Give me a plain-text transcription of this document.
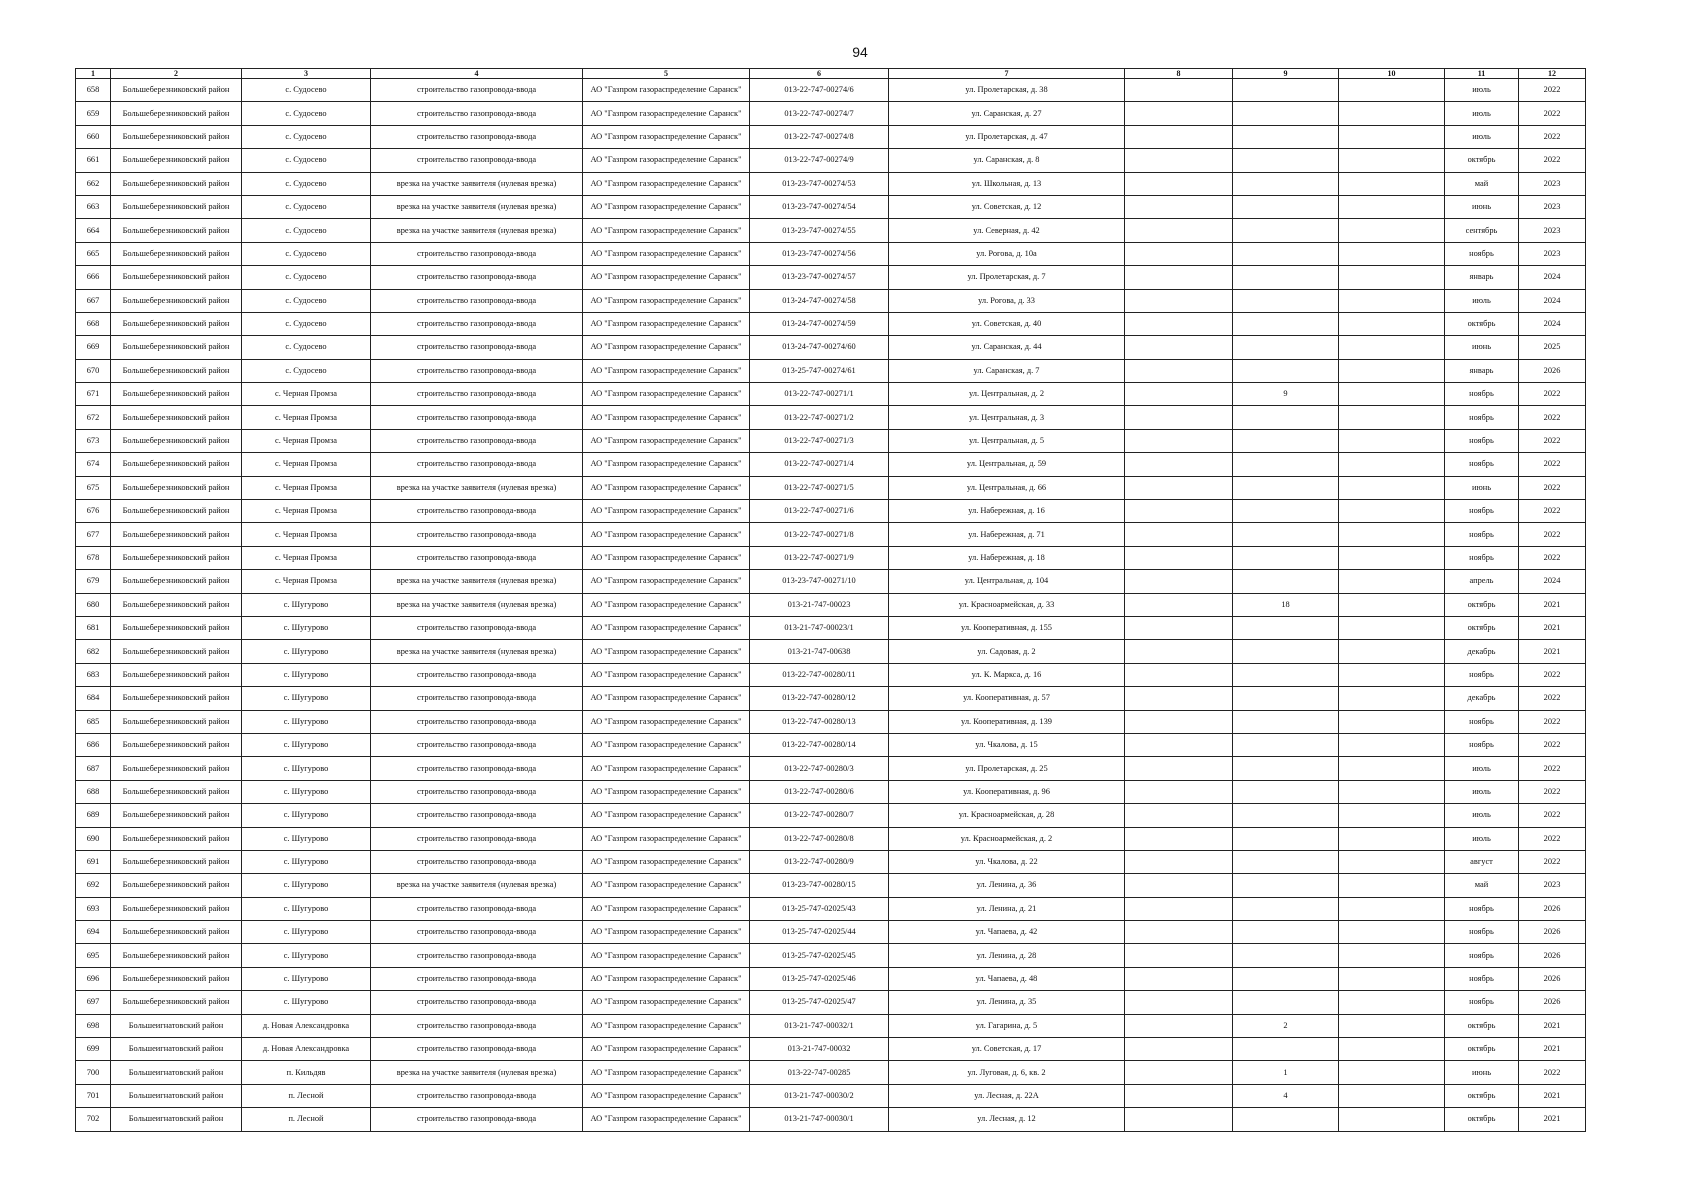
94
1	2	3	4	5	6	7	8	9	10	11	12
658	Большеберезниковский район	с. Судосево	строительство газопровода-ввода	АО "Газпром газораспределение Саранск"	013-22-747-00274/6	ул. Пролетарская, д. 38				июль	2022
659	Большеберезниковский район	с. Судосево	строительство газопровода-ввода	АО "Газпром газораспределение Саранск"	013-22-747-00274/7	ул. Саранская, д. 27				июль	2022
660	Большеберезниковский район	с. Судосево	строительство газопровода-ввода	АО "Газпром газораспределение Саранск"	013-22-747-00274/8	ул. Пролетарская, д. 47				июль	2022
661	Большеберезниковский район	с. Судосево	строительство газопровода-ввода	АО "Газпром газораспределение Саранск"	013-22-747-00274/9	ул. Саранская, д. 8				октябрь	2022
662	Большеберезниковский район	с. Судосево	врезка на участке заявителя (нулевая врезка)	АО "Газпром газораспределение Саранск"	013-23-747-00274/53	ул. Школьная, д. 13				май	2023
663	Большеберезниковский район	с. Судосево	врезка на участке заявителя (нулевая врезка)	АО "Газпром газораспределение Саранск"	013-23-747-00274/54	ул. Советская, д. 12				июнь	2023
664	Большеберезниковский район	с. Судосево	врезка на участке заявителя (нулевая врезка)	АО "Газпром газораспределение Саранск"	013-23-747-00274/55	ул. Северная, д. 42				сентябрь	2023
665	Большеберезниковский район	с. Судосево	строительство газопровода-ввода	АО "Газпром газораспределение Саранск"	013-23-747-00274/56	ул. Рогова, д. 10а				ноябрь	2023
666	Большеберезниковский район	с. Судосево	строительство газопровода-ввода	АО "Газпром газораспределение Саранск"	013-23-747-00274/57	ул. Пролетарская, д. 7				январь	2024
667	Большеберезниковский район	с. Судосево	строительство газопровода-ввода	АО "Газпром газораспределение Саранск"	013-24-747-00274/58	ул. Рогова, д. 33				июль	2024
668	Большеберезниковский район	с. Судосево	строительство газопровода-ввода	АО "Газпром газораспределение Саранск"	013-24-747-00274/59	ул. Советская, д. 40				октябрь	2024
669	Большеберезниковский район	с. Судосево	строительство газопровода-ввода	АО "Газпром газораспределение Саранск"	013-24-747-00274/60	ул. Саранская, д. 44				июнь	2025
670	Большеберезниковский район	с. Судосево	строительство газопровода-ввода	АО "Газпром газораспределение Саранск"	013-25-747-00274/61	ул. Саранская, д. 7				январь	2026
671	Большеберезниковский район	с. Черная Промза	строительство газопровода-ввода	АО "Газпром газораспределение Саранск"	013-22-747-00271/1	ул. Центральная, д. 2		9		ноябрь	2022
672	Большеберезниковский район	с. Черная Промза	строительство газопровода-ввода	АО "Газпром газораспределение Саранск"	013-22-747-00271/2	ул. Центральная, д. 3				ноябрь	2022
673	Большеберезниковский район	с. Черная Промза	строительство газопровода-ввода	АО "Газпром газораспределение Саранск"	013-22-747-00271/3	ул. Центральная, д. 5				ноябрь	2022
674	Большеберезниковский район	с. Черная Промза	строительство газопровода-ввода	АО "Газпром газораспределение Саранск"	013-22-747-00271/4	ул. Центральная, д. 59				ноябрь	2022
675	Большеберезниковский район	с. Черная Промза	врезка на участке заявителя (нулевая врезка)	АО "Газпром газораспределение Саранск"	013-22-747-00271/5	ул. Центральная, д. 66				июнь	2022
676	Большеберезниковский район	с. Черная Промза	строительство газопровода-ввода	АО "Газпром газораспределение Саранск"	013-22-747-00271/6	ул. Набережная, д. 16				ноябрь	2022
677	Большеберезниковский район	с. Черная Промза	строительство газопровода-ввода	АО "Газпром газораспределение Саранск"	013-22-747-00271/8	ул. Набережная, д. 71				ноябрь	2022
678	Большеберезниковский район	с. Черная Промза	строительство газопровода-ввода	АО "Газпром газораспределение Саранск"	013-22-747-00271/9	ул. Набережная, д. 18				ноябрь	2022
679	Большеберезниковский район	с. Черная Промза	врезка на участке заявителя (нулевая врезка)	АО "Газпром газораспределение Саранск"	013-23-747-00271/10	ул. Центральная, д. 104				апрель	2024
680	Большеберезниковский район	с. Шугурово	врезка на участке заявителя (нулевая врезка)	АО "Газпром газораспределение Саранск"	013-21-747-00023	ул. Красноармейская, д. 33		18		октябрь	2021
681	Большеберезниковский район	с. Шугурово	строительство газопровода-ввода	АО "Газпром газораспределение Саранск"	013-21-747-00023/1	ул. Кооперативная, д. 155				октябрь	2021
682	Большеберезниковский район	с. Шугурово	врезка на участке заявителя (нулевая врезка)	АО "Газпром газораспределение Саранск"	013-21-747-00638	ул. Садовая, д. 2				декабрь	2021
683	Большеберезниковский район	с. Шугурово	строительство газопровода-ввода	АО "Газпром газораспределение Саранск"	013-22-747-00280/11	ул. К. Маркса, д. 16				ноябрь	2022
684	Большеберезниковский район	с. Шугурово	строительство газопровода-ввода	АО "Газпром газораспределение Саранск"	013-22-747-00280/12	ул. Кооперативная, д. 57				декабрь	2022
685	Большеберезниковский район	с. Шугурово	строительство газопровода-ввода	АО "Газпром газораспределение Саранск"	013-22-747-00280/13	ул. Кооперативная, д. 139				ноябрь	2022
686	Большеберезниковский район	с. Шугурово	строительство газопровода-ввода	АО "Газпром газораспределение Саранск"	013-22-747-00280/14	ул. Чкалова, д. 15				ноябрь	2022
687	Большеберезниковский район	с. Шугурово	строительство газопровода-ввода	АО "Газпром газораспределение Саранск"	013-22-747-00280/3	ул. Пролетарская, д. 25				июль	2022
688	Большеберезниковский район	с. Шугурово	строительство газопровода-ввода	АО "Газпром газораспределение Саранск"	013-22-747-00280/6	ул. Кооперативная, д. 96				июль	2022
689	Большеберезниковский район	с. Шугурово	строительство газопровода-ввода	АО "Газпром газораспределение Саранск"	013-22-747-00280/7	ул. Красноармейская, д. 28				июль	2022
690	Большеберезниковский район	с. Шугурово	строительство газопровода-ввода	АО "Газпром газораспределение Саранск"	013-22-747-00280/8	ул. Красноармейская, д. 2				июль	2022
691	Большеберезниковский район	с. Шугурово	строительство газопровода-ввода	АО "Газпром газораспределение Саранск"	013-22-747-00280/9	ул. Чкалова, д. 22				август	2022
692	Большеберезниковский район	с. Шугурово	врезка на участке заявителя (нулевая врезка)	АО "Газпром газораспределение Саранск"	013-23-747-00280/15	ул. Ленина, д. 36				май	2023
693	Большеберезниковский район	с. Шугурово	строительство газопровода-ввода	АО "Газпром газораспределение Саранск"	013-25-747-02025/43	ул. Ленина, д. 21				ноябрь	2026
694	Большеберезниковский район	с. Шугурово	строительство газопровода-ввода	АО "Газпром газораспределение Саранск"	013-25-747-02025/44	ул. Чапаева, д. 42				ноябрь	2026
695	Большеберезниковский район	с. Шугурово	строительство газопровода-ввода	АО "Газпром газораспределение Саранск"	013-25-747-02025/45	ул. Ленина, д. 28				ноябрь	2026
696	Большеберезниковский район	с. Шугурово	строительство газопровода-ввода	АО "Газпром газораспределение Саранск"	013-25-747-02025/46	ул. Чапаева, д. 48				ноябрь	2026
697	Большеберезниковский район	с. Шугурово	строительство газопровода-ввода	АО "Газпром газораспределение Саранск"	013-25-747-02025/47	ул. Ленина, д. 35				ноябрь	2026
698	Большеигнатовский район	д. Новая Александровка	строительство газопровода-ввода	АО "Газпром газораспределение Саранск"	013-21-747-00032/1	ул. Гагарина, д. 5		2		октябрь	2021
699	Большеигнатовский район	д. Новая Александровка	строительство газопровода-ввода	АО "Газпром газораспределение Саранск"	013-21-747-00032	ул. Советская, д. 17				октябрь	2021
700	Большеигнатовский район	п. Кильдяв	врезка на участке заявителя (нулевая врезка)	АО "Газпром газораспределение Саранск"	013-22-747-00285	ул. Луговая, д. 6, кв. 2		1		июнь	2022
701	Большеигнатовский район	п. Лесной	строительство газопровода-ввода	АО "Газпром газораспределение Саранск"	013-21-747-00030/2	ул. Лесная, д. 22А		4		октябрь	2021
702	Большеигнатовский район	п. Лесной	строительство газопровода-ввода	АО "Газпром газораспределение Саранск"	013-21-747-00030/1	ул. Лесная, д. 12				октябрь	2021
